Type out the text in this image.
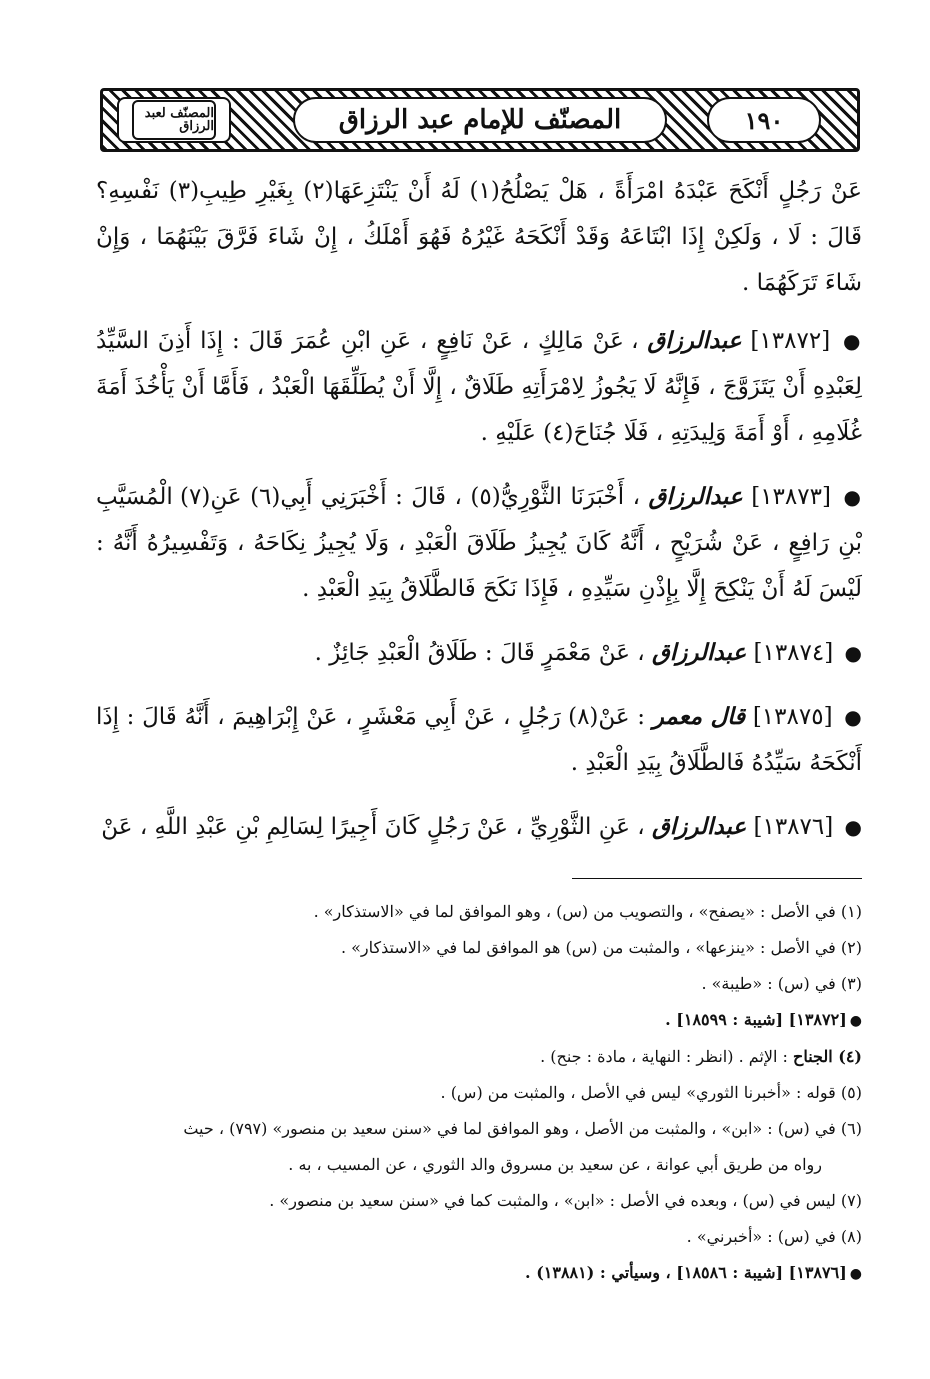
المصنّف لعبد الرزاق	المصنّف للإمام عبد الرزاق	١٩٠

عَنْ رَجُلٍ أَنْكَحَ عَبْدَهُ امْرَأَةً ، هَلْ يَصْلُحُ(١) لَهُ أَنْ يَنْتَزِعَهَا(٢) بِغَيْرِ طِيبِ(٣) نَفْسِهِ؟ قَالَ : لَا ، وَلَكِنْ إِذَا ابْتَاعَهُ وَقَدْ أَنْكَحَهُ غَيْرُهُ فَهُوَ أَمْلَكُ ، إِنْ شَاءَ فَرَّقَ بَيْنَهُمَا ، وَإِنْ شَاءَ تَرَكَهُمَا .

● [١٣٨٧٢] عبدالرزاق ، عَنْ مَالِكٍ ، عَنْ نَافِعٍ ، عَنِ ابْنِ عُمَرَ قَالَ : إِذَا أَذِنَ السَّيِّدُ لِعَبْدِهِ أَنْ يَتَزَوَّجَ ، فَإِنَّهُ لَا يَجُوزُ لِامْرَأَتِهِ طَلَاقٌ ، إِلَّا أَنْ يُطَلِّقَهَا الْعَبْدُ ، فَأَمَّا أَنْ يَأْخُذَ أَمَةَ غُلَامِهِ ، أَوْ أَمَةَ وَلِيدَتِهِ ، فَلَا جُنَاحَ(٤) عَلَيْهِ .

● [١٣٨٧٣] عبدالرزاق ، أَخْبَرَنَا الثَّوْرِيُّ(٥) ، قَالَ : أَخْبَرَنِي أَبِي(٦) عَنِ(٧) الْمُسَيَّبِ بْنِ رَافِعٍ ، عَنْ شُرَيْحٍ ، أَنَّهُ كَانَ يُجِيزُ طَلَاقَ الْعَبْدِ ، وَلَا يُجِيزُ نِكَاحَهُ ، وَتَفْسِيرُهُ أَنَّهُ : لَيْسَ لَهُ أَنْ يَنْكِحَ إِلَّا بِإِذْنِ سَيِّدِهِ ، فَإِذَا نَكَحَ فَالطَّلَاقُ بِيَدِ الْعَبْدِ .

● [١٣٨٧٤] عبدالرزاق ، عَنْ مَعْمَرٍ قَالَ : طَلَاقُ الْعَبْدِ جَائِزٌ .

● [١٣٨٧٥] قال معمر : عَنْ(٨) رَجُلٍ ، عَنْ أَبِي مَعْشَرٍ ، عَنْ إِبْرَاهِيمَ ، أَنَّهُ قَالَ : إِذَا أَنْكَحَهُ سَيِّدُهُ فَالطَّلَاقُ بِيَدِ الْعَبْدِ .

● [١٣٨٧٦] عبدالرزاق ، عَنِ الثَّوْرِيِّ ، عَنْ رَجُلٍ كَانَ أَجِيرًا لِسَالِمِ بْنِ عَبْدِ اللَّهِ ، عَنْ

(١) في الأصل : «يصفح» ، والتصويب من (س) ، وهو الموافق لما في «الاستذكار» .

(٢) في الأصل : «ينزعها» ، والمثبت من (س) هو الموافق لما في «الاستذكار» .

(٣) في (س) : «طيبة» .

●[١٣٨٧٢] [شيبة : ١٨٥٩٩] .

(٤) الجناح : الإثم . (انظر : النهاية ، مادة : جنح) .

(٥) قوله : «أخبرنا الثوري» ليس في الأصل ، والمثبت من (س) .

(٦) في (س) : «ابن» ، والمثبت من الأصل ، وهو الموافق لما في «سنن سعيد بن منصور» (٧٩٧) ، حيث

رواه من طريق أبي عوانة ، عن سعيد بن مسروق والد الثوري ، عن المسيب ، به .

(٧) ليس في (س) ، وبعده في الأصل : «ابن» ، والمثبت كما في «سنن سعيد بن منصور» .

(٨) في (س) : «أخبرني» .

●[١٣٨٧٦] [شيبة : ١٨٥٨٦] ، وسيأتي : (١٣٨٨١) .
